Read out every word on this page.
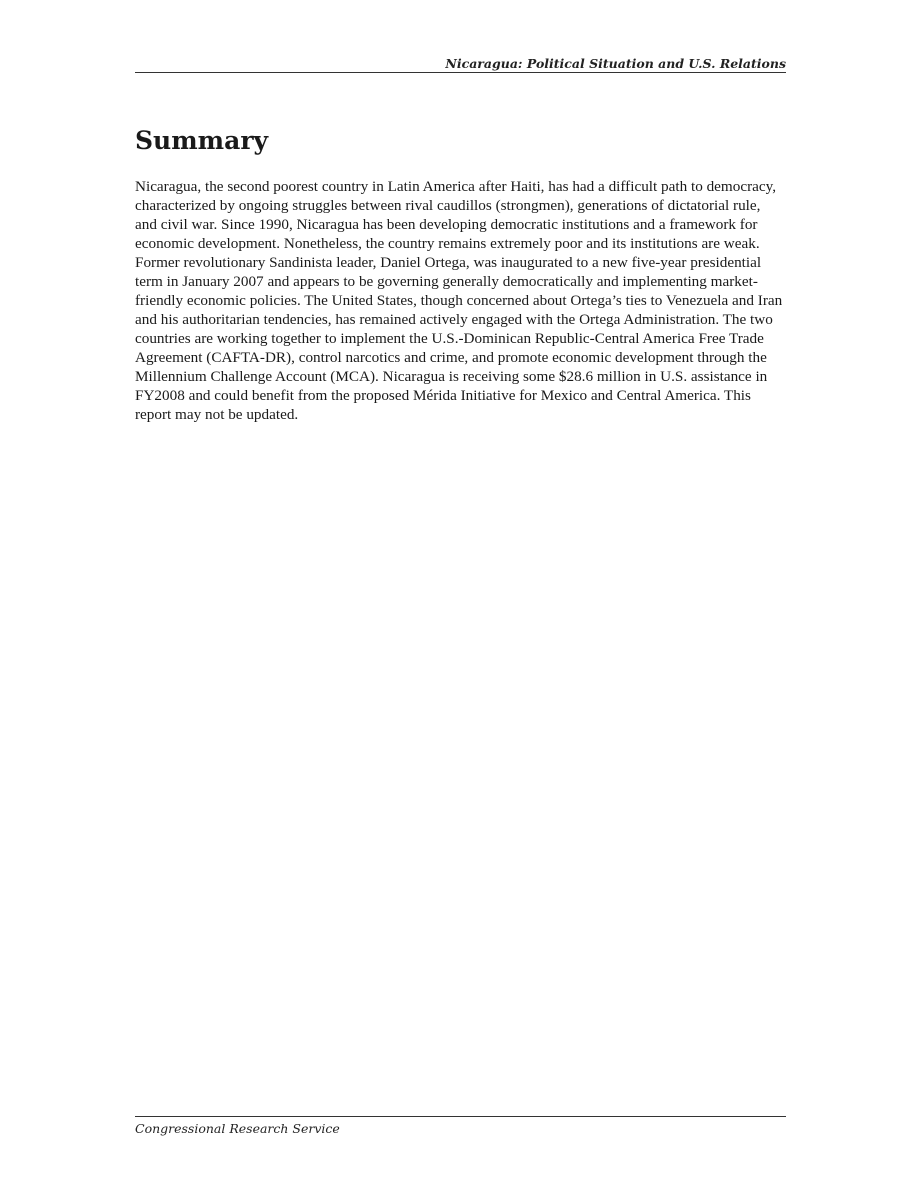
Nicaragua: Political Situation and U.S. Relations
Summary

Nicaragua, the second poorest country in Latin America after Haiti, has had a difficult path to democracy, characterized by ongoing struggles between rival caudillos (strongmen), generations of dictatorial rule, and civil war. Since 1990, Nicaragua has been developing democratic institutions and a framework for economic development. Nonetheless, the country remains extremely poor and its institutions are weak. Former revolutionary Sandinista leader, Daniel Ortega, was inaugurated to a new five-year presidential term in January 2007 and appears to be governing generally democratically and implementing market-friendly economic policies. The United States, though concerned about Ortega’s ties to Venezuela and Iran and his authoritarian tendencies, has remained actively engaged with the Ortega Administration. The two countries are working together to implement the U.S.-Dominican Republic-Central America Free Trade Agreement (CAFTA-DR), control narcotics and crime, and promote economic development through the Millennium Challenge Account (MCA). Nicaragua is receiving some $28.6 million in U.S. assistance in FY2008 and could benefit from the proposed Mérida Initiative for Mexico and Central America. This report may not be updated.

Congressional Research Service
